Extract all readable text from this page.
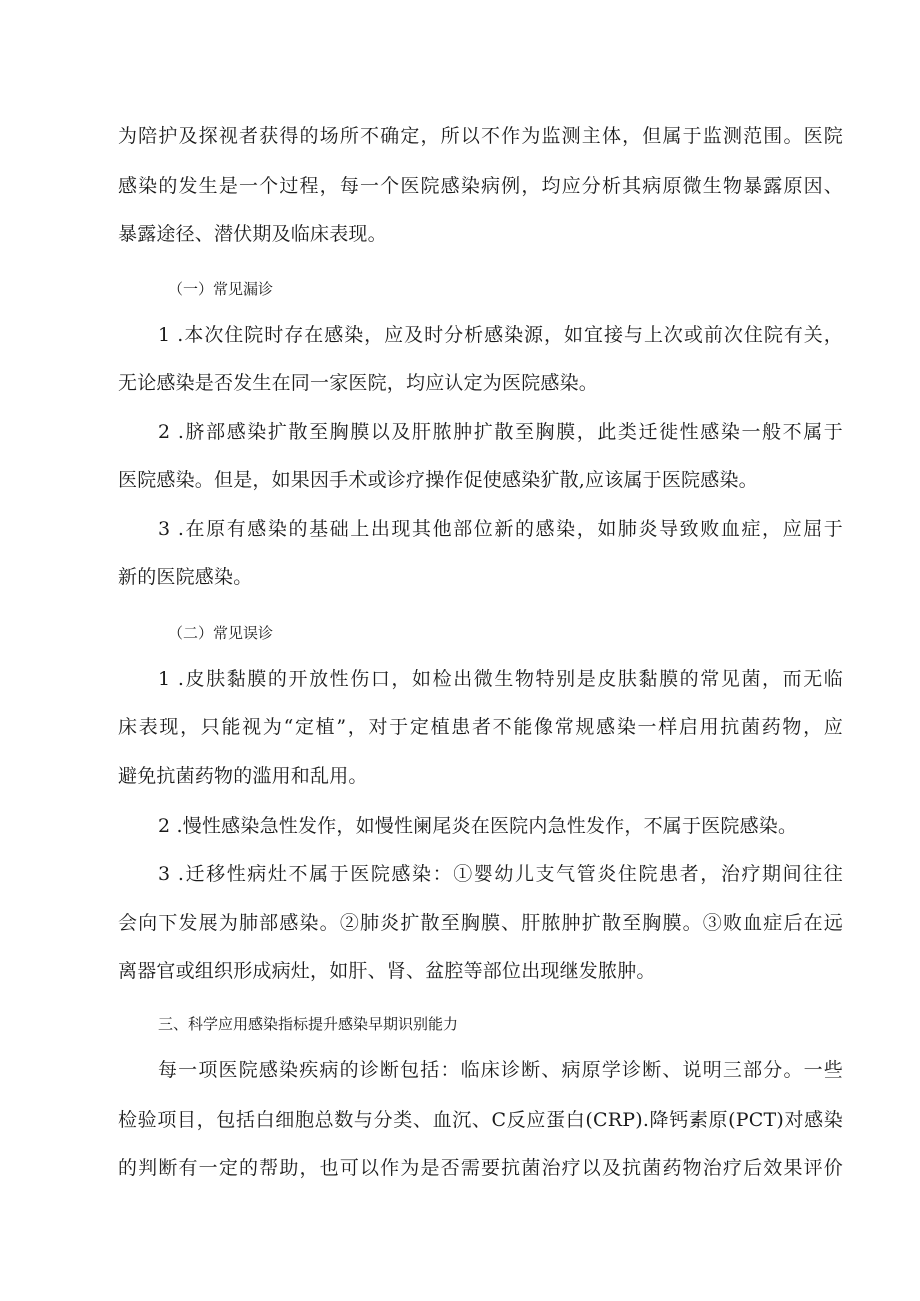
为陪护及探视者获得的场所不确定，所以不作为监测主体，但属于监测范围。医院
感染的发生是一个过程，每一个医院感染病例，均应分析其病原微生物暴露原因、
暴露途径、潜伏期及临床表现。
（一）常见漏诊
1 .本次住院时存在感染，应及时分析感染源，如宜接与上次或前次住院有关，
无论感染是否发生在同一家医院，均应认定为医院感染。
2 .脐部感染扩散至胸膜以及肝脓肿扩散至胸膜，此类迁徙性感染一般不属于
医院感染。但是，如果因手术或诊疗操作促使感染犷散,应该属于医院感染。
3 .在原有感染的基础上出现其他部位新的感染，如肺炎导致败血症，应屈于
新的医院感染。
（二）常见误诊
1 .皮肤黏膜的开放性伤口，如检出微生物特别是皮肤黏膜的常见菌，而无临
床表现，只能视为“定植”，对于定植患者不能像常规感染一样启用抗菌药物，应
避免抗菌药物的滥用和乱用。
2 .慢性感染急性发作，如慢性阑尾炎在医院内急性发作，不属于医院感染。
3 .迁移性病灶不属于医院感染：①婴幼儿支气管炎住院患者，治疗期间往往
会向下发展为肺部感染。②肺炎扩散至胸膜、肝脓肿扩散至胸膜。③败血症后在远
离器官或组织形成病灶，如肝、肾、盆腔等部位出现继发脓肿。
三、科学应用感染指标提升感染早期识别能力
每一项医院感染疾病的诊断包括：临床诊断、病原学诊断、说明三部分。一些
检验项目，包括白细胞总数与分类、血沉、C反应蛋白(CRP).降钙素原(PCT)对感染
的判断有一定的帮助，也可以作为是否需要抗菌治疗以及抗菌药物治疗后效果评价
